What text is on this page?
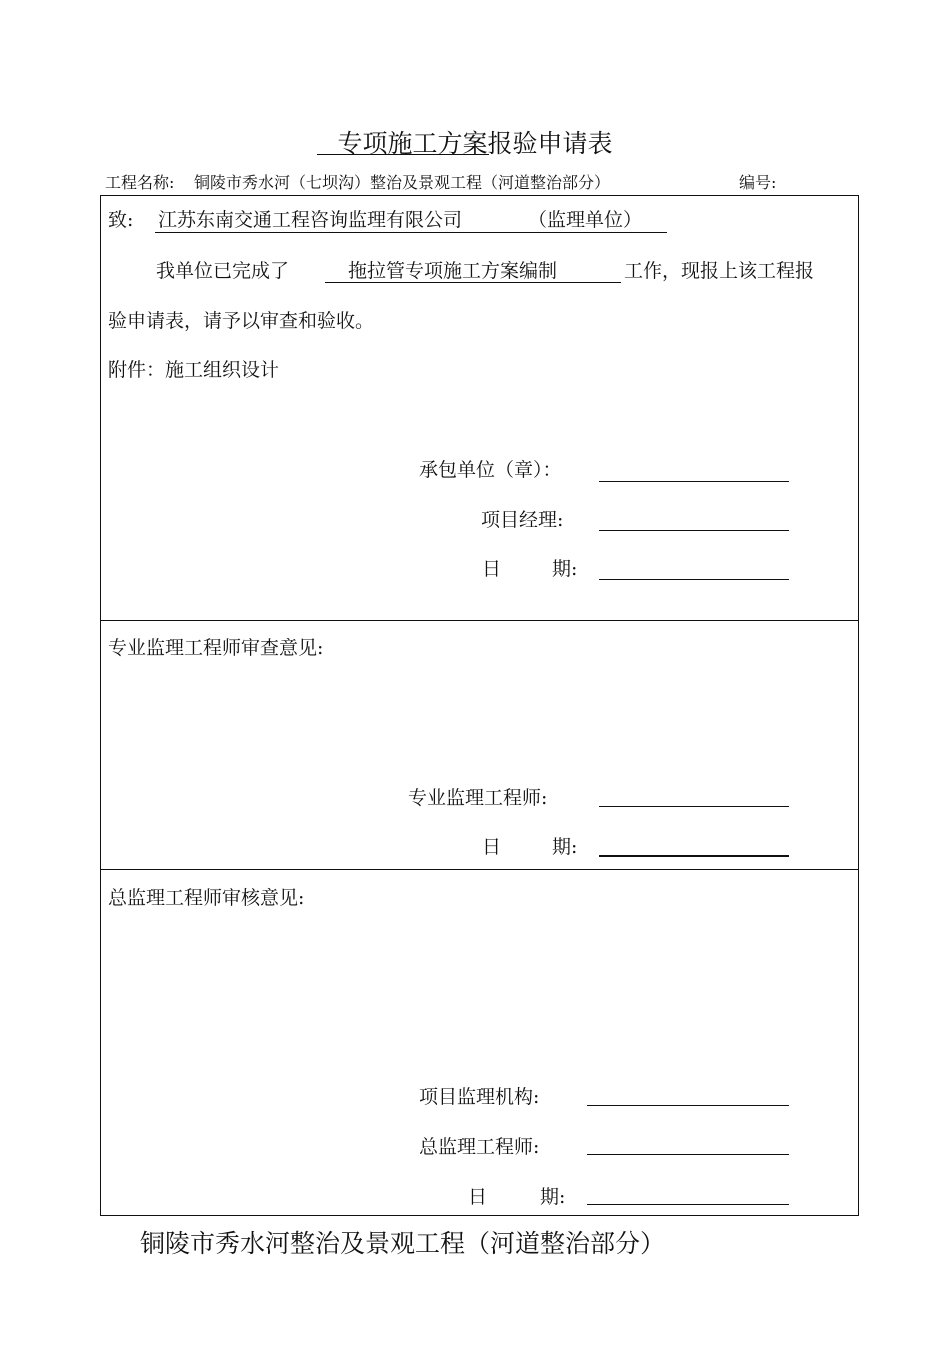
专项施工方案报验申请表
工程名称: 铜陵市秀水河（七坝沟）整治及景观工程（河道整治部分）	编号:
致: 江苏东南交通工程咨询监理有限公司	（监理单位）
我单位已完成了	拖拉管专项施工方案编制	工作，现报上该工程报
验申请表，请予以审查和验收。
附件：施工组织设计
承包单位（章）：
项目经理:
日	期:
专业监理工程师审查意见:
专业监理工程师:
日	期:
总监理工程师审核意见:
项目监理机构:
总监理工程师:
日	期:
铜陵市秀水河整治及景观工程（河道整治部分）
